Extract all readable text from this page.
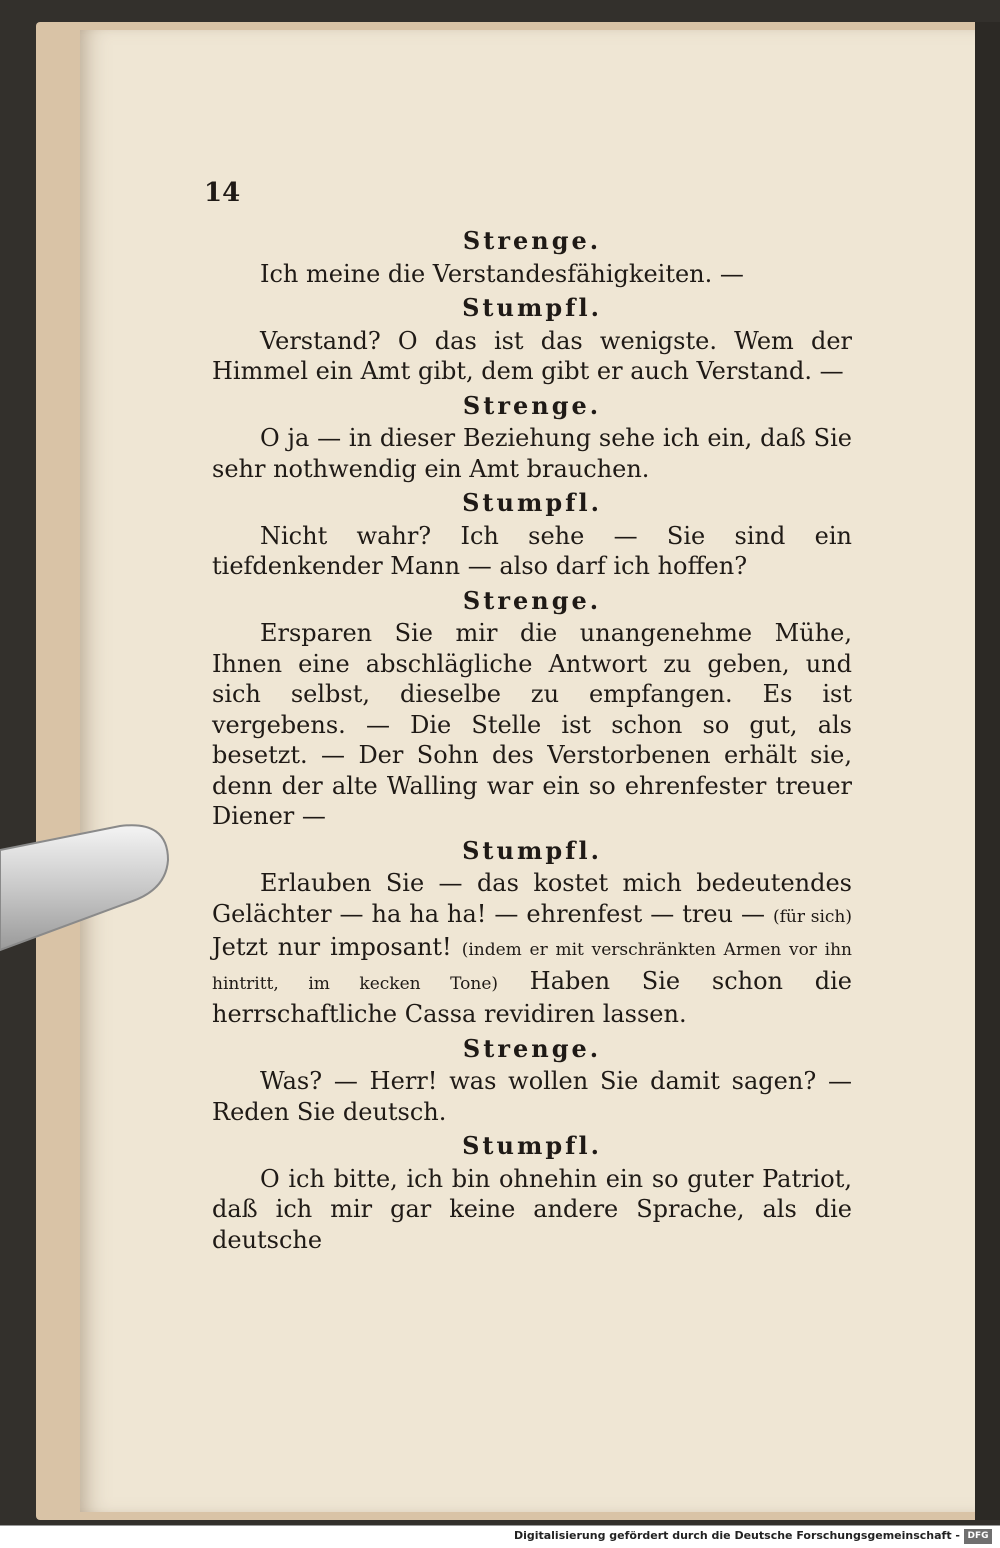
14
Strenge.

Ich meine die Verstandesfähigkeiten. —

Stumpfl.

Verstand? O das ist das wenigste. Wem der Himmel ein Amt gibt, dem gibt er auch Verstand. —

Strenge.

O ja — in dieser Beziehung sehe ich ein, daß Sie sehr nothwendig ein Amt brauchen.

Stumpfl.

Nicht wahr? Ich sehe — Sie sind ein tiefdenkender Mann — also darf ich hoffen?

Strenge.

Ersparen Sie mir die unangenehme Mühe, Ihnen eine abschlägliche Antwort zu geben, und sich selbst, dieselbe zu empfangen. Es ist vergebens. — Die Stelle ist schon so gut, als besetzt. — Der Sohn des Verstorbenen erhält sie, denn der alte Walling war ein so ehrenfester treuer Diener —

Stumpfl.

Erlauben Sie — das kostet mich bedeutendes Gelächter — ha ha ha! — ehrenfest — treu — (für sich) Jetzt nur imposant! (indem er mit verschränkten Armen vor ihn hintritt, im kecken Tone) Haben Sie schon die herrschaftliche Cassa revidiren lassen.

Strenge.

Was? — Herr! was wollen Sie damit sagen? — Reden Sie deutsch.

Stumpfl.

O ich bitte, ich bin ohnehin ein so guter Patriot, daß ich mir gar keine andere Sprache, als die deutsche

Digitalisierung gefördert durch die Deutsche Forschungsgemeinschaft - DFG
